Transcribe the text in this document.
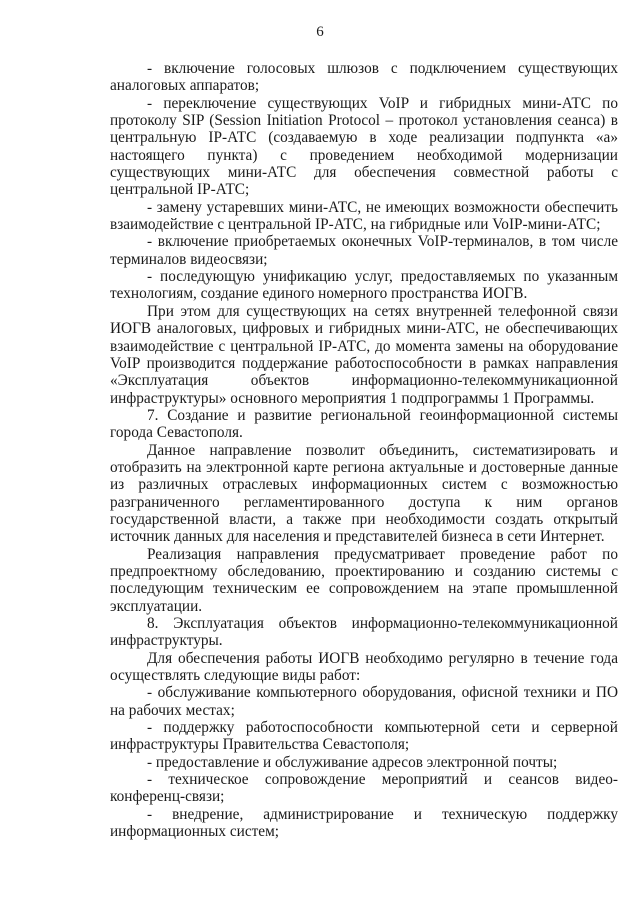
6

- включение голосовых шлюзов с подключением существующих аналоговых аппаратов;

- переключение существующих VoIP и гибридных мини-АТС по протоколу SIP (Session Initiation Protocol – протокол установления сеанса) в центральную IP-АТС (создаваемую в ходе реализации подпункта «а» настоящего пункта) с проведением необходимой модернизации существующих мини-АТС для обеспечения совместной работы с центральной IP-АТС;

- замену устаревших мини-АТС, не имеющих возможности обеспечить взаимодействие с центральной IP-АТС, на гибридные или VoIP-мини-АТС;

- включение приобретаемых оконечных VoIP-терминалов, в том числе терминалов видеосвязи;

- последующую унификацию услуг, предоставляемых по указанным технологиям, создание единого номерного пространства ИОГВ.

При этом для существующих на сетях внутренней телефонной связи ИОГВ аналоговых, цифровых и гибридных мини-АТС, не обеспечивающих взаимодействие с центральной IP-АТС, до момента замены на оборудование VoIP производится поддержание работоспособности в рамках направления «Эксплуатация объектов информационно-телекоммуникационной инфраструктуры» основного мероприятия 1 подпрограммы 1 Программы.

7. Создание и развитие региональной геоинформационной системы города Севастополя.

Данное направление позволит объединить, систематизировать и отобразить на электронной карте региона актуальные и достоверные данные из различных отраслевых информационных систем с возможностью разграниченного регламентированного доступа к ним органов государственной власти, а также при необходимости создать открытый источник данных для населения и представителей бизнеса в сети Интернет.

Реализация направления предусматривает проведение работ по предпроектному обследованию, проектированию и созданию системы с последующим техническим ее сопровождением на этапе промышленной эксплуатации.

8. Эксплуатация объектов информационно-телекоммуникационной инфраструктуры.

Для обеспечения работы ИОГВ необходимо регулярно в течение года осуществлять следующие виды работ:

- обслуживание компьютерного оборудования, офисной техники и ПО на рабочих местах;

- поддержку работоспособности компьютерной сети и серверной инфраструктуры Правительства Севастополя;

- предоставление и обслуживание адресов электронной почты;

- техническое сопровождение мероприятий и сеансов видео-конференц-связи;

- внедрение, администрирование и техническую поддержку информационных систем;
